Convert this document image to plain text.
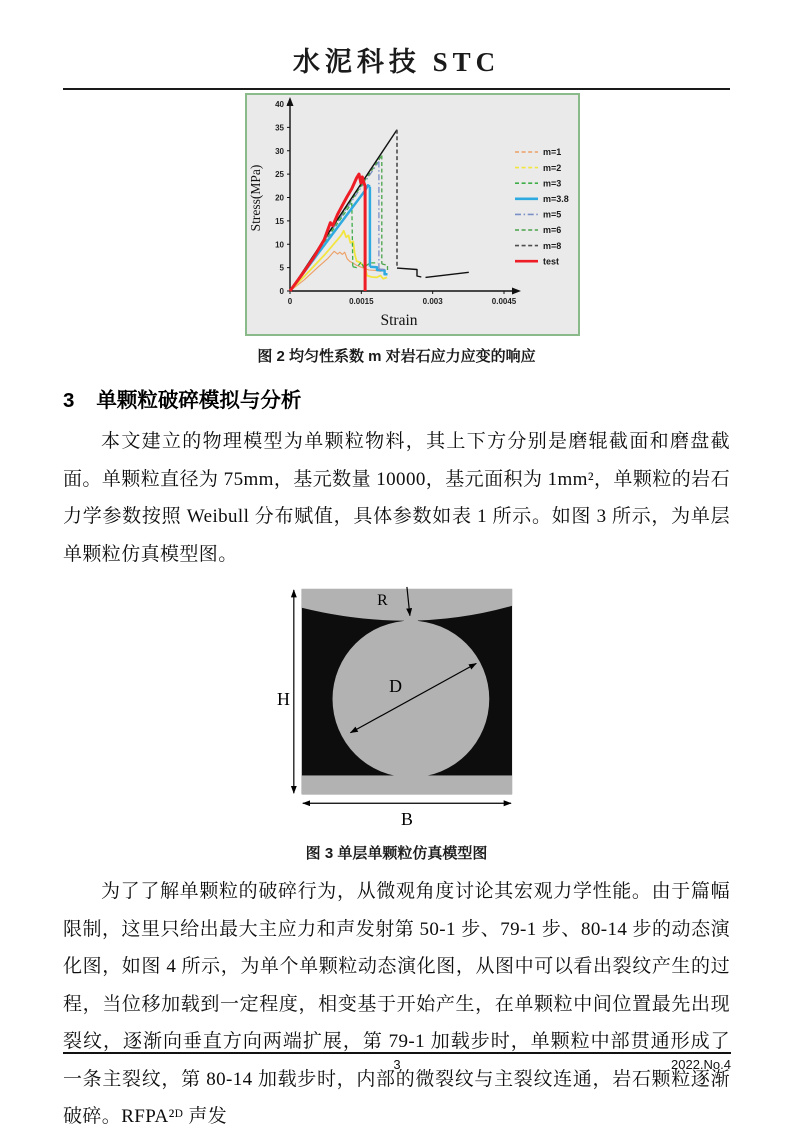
水泥科技 STC
0
5
10
15
20
25
30
35
40
0	0.0015	0.003	0.0045
Stress(MPa)
Strain
m=1
m=2
m=3
m=3.8
m=5
m=6
m=8
test
图 2 均匀性系数 m 对岩石应力应变的响应
3 单颗粒破碎模拟与分析

本文建立的物理模型为单颗粒物料，其上下方分别是磨辊截面和磨盘截面。单颗粒直径为 75mm，基元数量 10000，基元面积为 1mm²，单颗粒的岩石力学参数按照 Weibull 分布赋值，具体参数如表 1 所示。如图 3 所示，为单层单颗粒仿真模型图。

H
B
D
R
图 3 单层单颗粒仿真模型图

为了了解单颗粒的破碎行为，从微观角度讨论其宏观力学性能。由于篇幅限制，这里只给出最大主应力和声发射第 50-1 步、79-1 步、80-14 步的动态演化图，如图 4 所示，为单个单颗粒动态演化图，从图中可以看出裂纹产生的过程，当位移加载到一定程度，相变基于开始产生，在单颗粒中间位置最先出现裂纹，逐渐向垂直方向两端扩展，第 79-1 加载步时，单颗粒中部贯通形成了一条主裂纹，第 80-14 加载步时，内部的微裂纹与主裂纹连通，岩石颗粒逐渐破碎。RFPA²ᴰ 声发

3	2022.No.4
